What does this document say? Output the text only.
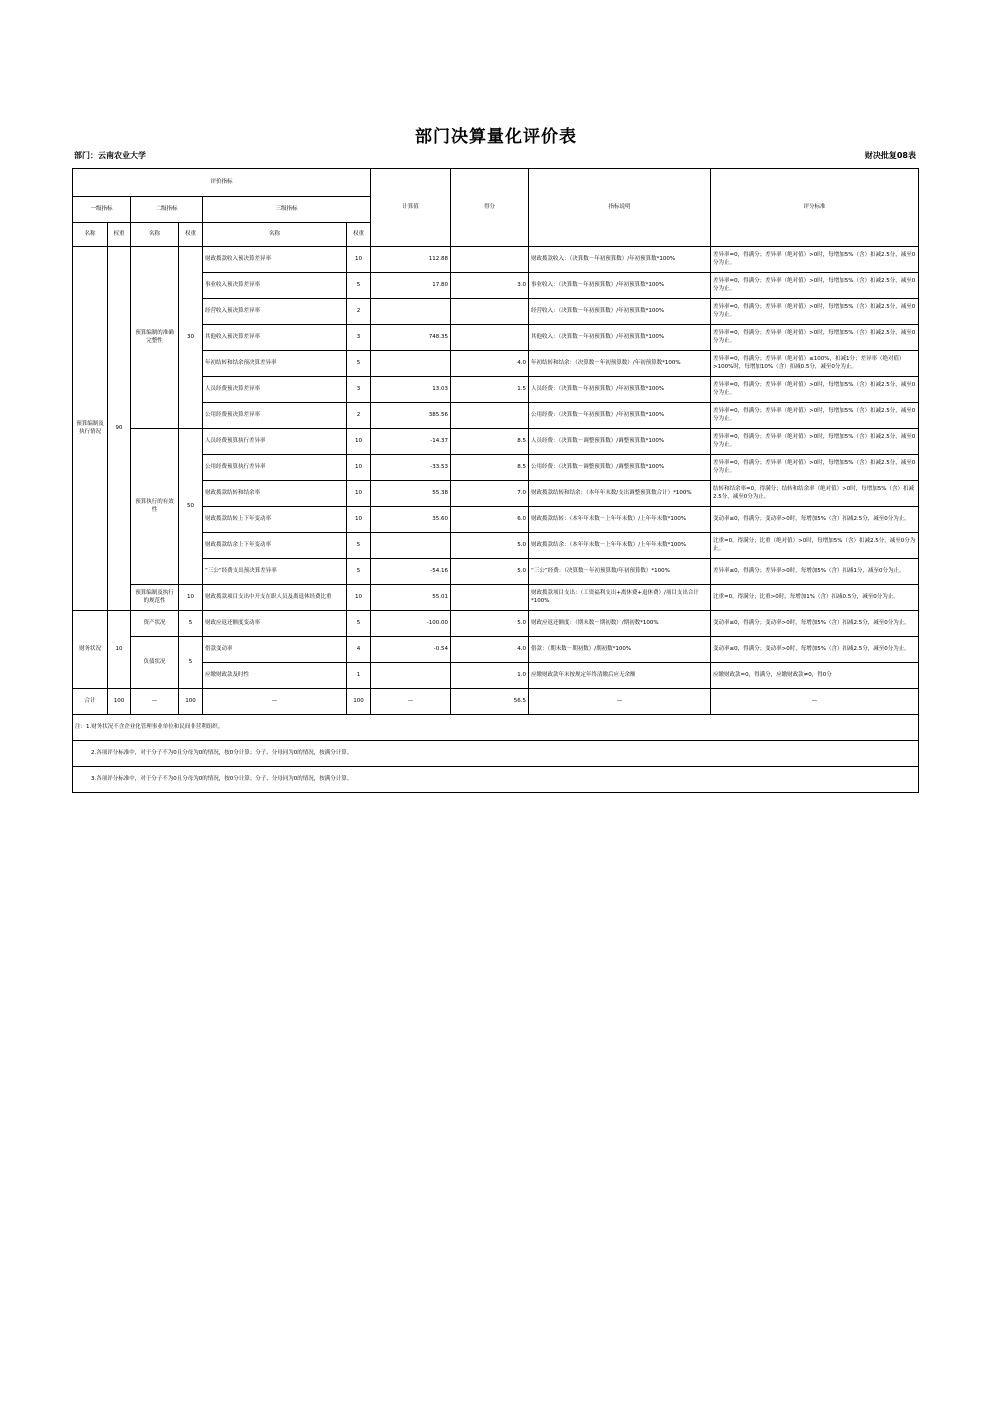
部门决算量化评价表
部门：云南农业大学	财决批复08表
评价指标						计算值	得分	指标说明	评分标准
一级指标		二级指标		三级指标					
名称	权重	名称	权重	名称	权重				
预算编制及执行情况	90	预算编制的准确完整性	30	财政拨款收入预决算差异率	10	112.88		财政拨款收入：（决算数－年初预算数）/年初预算数*100%	差异率=0，得满分；差异率（绝对值）>0时，每增加5%（含）扣减2.5分，减至0分为止。
				事业收入预决算差异率	5	17.80	3.0	事业收入：（决算数－年初预算数）/年初预算数*100%	差异率=0，得满分；差异率（绝对值）>0时，每增加5%（含）扣减2.5分，减至0分为止。
				经营收入预决算差异率	2			经营收入：（决算数－年初预算数）/年初预算数*100%	差异率=0，得满分；差异率（绝对值）>0时，每增加5%（含）扣减2.5分，减至0分为止。
				其他收入预决算差异率	3	748.35		其他收入：（决算数－年初预算数）/年初预算数*100%	差异率=0，得满分；差异率（绝对值）>0时，每增加5%（含）扣减2.5分，减至0分为止。
				年初结转和结余预决算差异率	5		4.0	年初结转和结余：（决算数－年初预算数）/年初预算数*100%	差异率=0，得满分；差异率（绝对值）≤100%，扣减1分；差异率（绝对值）>100%时，每增加10%（含）扣减0.5分，减至0分为止。
				人员经费预决算差异率	3	13.03	1.5	人员经费：（决算数－年初预算数）/年初预算数*100%	差异率=0，得满分；差异率（绝对值）>0时，每增加5%（含）扣减2.5分，减至0分为止。
				公用经费预决算差异率	2	385.56		公用经费：（决算数－年初预算数）/年初预算数*100%	差异率=0，得满分；差异率（绝对值）>0时，每增加5%（含）扣减2.5分，减至0分为止。
		预算执行的有效性	50	人员经费预算执行差异率	10	-14.37	8.5	人员经费：（决算数－调整预算数）/调整预算数*100%	差异率=0，得满分；差异率（绝对值）>0时，每增加5%（含）扣减2.5分，减至0分为止。
				公用经费预算执行差异率	10	-33.53	8.5	公用经费：（决算数－调整预算数）/调整预算数*100%	差异率=0，得满分；差异率（绝对值）>0时，每增加5%（含）扣减2.5分，减至0分为止。
				财政拨款结转和结余率	10	55.38	7.0	财政拨款结转和结余：（本年年末数/支出调整预算数合计）*100%	结转和结余率=0，得满分；结转和结余率（绝对值）>0时，每增加5%（含）扣减2.5分，减至0分为止。
				财政拨款结转上下年变动率	10	35.60	6.0	财政拨款结转：（本年年末数－上年年末数）/上年年末数*100%	变动率≤0，得满分；变动率>0时，每增加5%（含）扣减2.5分，减至0分为止。
				财政拨款结余上下年变动率	5		5.0	财政拨款结余：（本年年末数－上年年末数）/上年年末数*100%	比重=0，得满分；比重（绝对值）>0时，每增加5%（含）扣减2.5分，减至0分为止。
				“三公”经费支出预决算差异率	5	-54.16	5.0	“三公”经费：（决算数－年初预算数/年初预算数）*100%	差异率≤0，得满分；差异率>0时，每增加5%（含）扣减1分，减至0分为止。
		预算编制及执行的规范性	10	财政拨款项目支出中开支在职人员及离退休经费比重	10	55.01		财政拨款项目支出：（工资福利支出+离休费+退休费）/项目支出合计*100%	比重=0，得满分；比重>0时，每增加1%（含）扣减0.5分，减至0分为止。
财务状况	10	资产状况	5	财政应返还额度变动率	5	-100.00	5.0	财政应返还额度：（期末数－期初数）/期初数*100%	变动率≤0，得满分；变动率>0时，每增加5%（含）扣减2.5分，减至0分为止。
		负债状况	5	借款变动率	4	-0.54	4.0	借款：（期末数－期初数）/期初数*100%	变动率≤0，得满分；变动率>0时，每增加5%（含）扣减2.5分，减至0分为止。
				应缴财政款及时性	1		1.0	应缴财政款年末按规定年终清缴后应无余额	应缴财政款=0，得满分，应缴财政款≠0，得0分
合计	100	—	100	—	100	—	56.5	—	—
注：1.财务状况不含企业化管理事业单位和民间非营利组织。									
2.各项评分标准中，对于分子不为0且分母为0的情况，按0分计算；分子、分母同为0的情况，按满分计算。									
3.各项评分标准中，对于分子不为0且分母为0的情况，按0分计算；分子、分母同为0的情况，按满分计算。									
